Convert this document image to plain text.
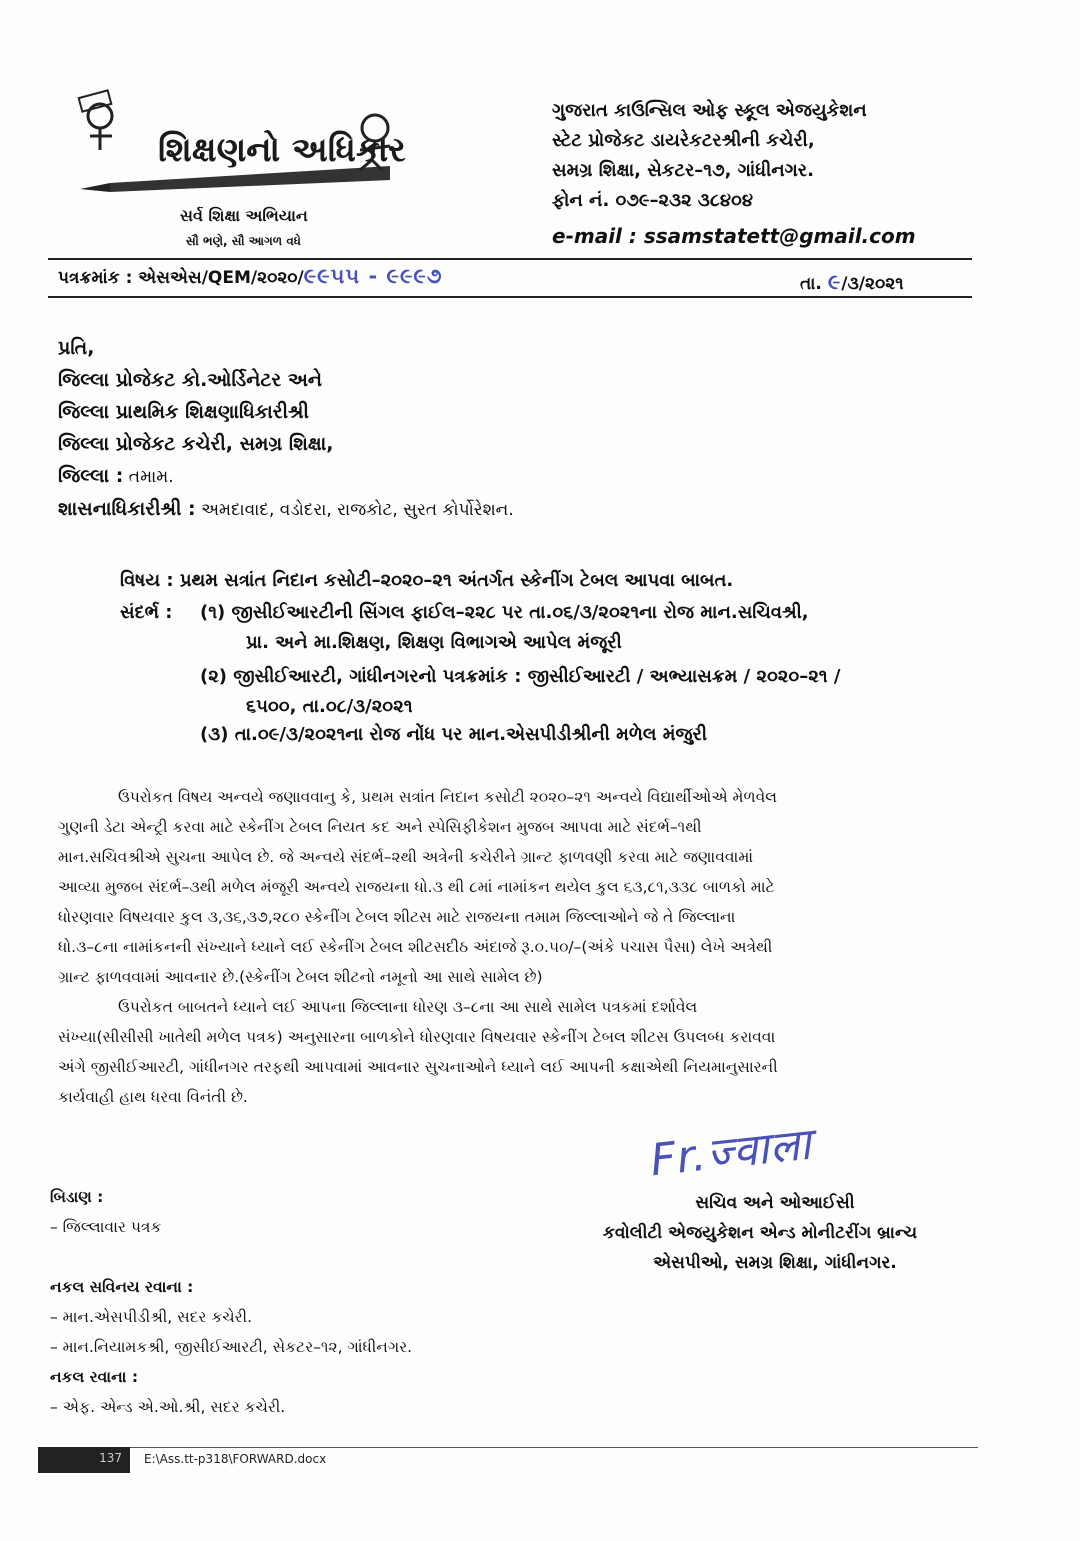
શિક્ષણનો અધિકાર
સર્વ શિક્ષા અભિયાન
સૌ ભણે, સૌ આગળ વધે
ગુજરાત કાઉન્સિલ ઓફ સ્કૂલ એજયુકેશન
સ્ટેટ પ્રોજેકટ ડાયરેકટરશ્રીની કચેરી,
સમગ્ર શિક્ષા, સેકટર–૧૭, ગાંધીનગર.
ફોન નં. ૦૭૯–૨૩૨ ૩૮૪૦૪
e-mail : ssamstatett@gmail.com
પત્રક્રમાંક : એસએસ/QEM/૨૦૨૦/૯૯૫૫ - ૯૯૯૭	તા. ૯/૩/૨૦૨૧
પ્રતિ,
જિલ્લા પ્રોજેકટ કો.ઓર્ડિનેટર અને
જિલ્લા પ્રાથમિક શિક્ષણાધિકારીશ્રી
જિલ્લા પ્રોજેકટ કચેરી, સમગ્ર શિક્ષા,
જિલ્લા : તમામ.
શાસનાધિકારીશ્રી : અમદાવાદ, વડોદરા, રાજકોટ, સુરત કોર્પોરેશન.
વિષય : પ્રથમ સત્રાંત નિદાન કસોટી–૨૦૨૦–૨૧ અંતર્ગત સ્કેનીંગ ટેબલ આપવા બાબત.
સંદર્ભ : (૧) જીસીઈઆરટીની સિંગલ ફાઈલ–૨૨૮ પર તા.૦૬/૩/૨૦૨૧ના રોજ માન.સચિવશ્રી,
પ્રા. અને મા.શિક્ષણ, શિક્ષણ વિભાગએ આપેલ મંજૂરી
(૨) જીસીઈઆરટી, ગાંધીનગરનો પત્રક્રમાંક : જીસીઈઆરટી / અભ્યાસક્રમ / ૨૦૨૦–૨૧ /
૬૫૦૦, તા.૦૮/૩/૨૦૨૧
(૩) તા.૦૯/૩/૨૦૨૧ના રોજ નોંધ પર માન.એસપીડીશ્રીની મળેલ મંજુરી
ઉપરોકત વિષય અન્વયે જણાવવાનુ કે, પ્રથમ સત્રાંત નિદાન કસોટી ૨૦૨૦–૨૧ અન્વયે વિદ્યાર્થીઓએ મેળવેલ
ગુણની ડેટા એન્ટ્રી કરવા માટે સ્કેનીંગ ટેબલ નિયત કદ અને સ્પેસિફીકેશન મુજબ આપવા માટે સંદર્ભ–૧થી
માન.સચિવશ્રીએ સુચના આપેલ છે. જે અન્વયે સંદર્ભ–૨થી અત્રેની કચેરીને ગ્રાન્ટ ફાળવણી કરવા માટે જણાવવામાં
આવ્યા મુજબ સંદર્ભ–૩થી મળેલ મંજૂરી અન્વયે રાજયના ધો.૩ થી ૮માં નામાંકન થયેલ કુલ ૬૩,૮૧,૩૩૮ બાળકો માટે
ધોરણવાર વિષયવાર કુલ ૩,૩૬,૩૭,૨૮૦ સ્કેનીંગ ટેબલ શીટસ માટે રાજયના તમામ જિલ્લાઓને જે તે જિલ્લાના
ધો.૩–૮ના નામાંકનની સંખ્યાને ધ્યાને લઈ સ્કેનીંગ ટેબલ શીટસદીઠ અંદાજે રૂ.૦.૫૦/–(અંકે પચાસ પૈસા) લેખે અત્રેથી
ગ્રાન્ટ ફાળવવામાં આવનાર છે.(સ્કેનીંગ ટેબલ શીટનો નમૂનો આ સાથે સામેલ છે)
ઉપરોકત બાબતને ધ્યાને લઈ આપના જિલ્લાના ધોરણ ૩–૮ના આ સાથે સામેલ પત્રકમાં દર્શાવેલ
સંખ્યા(સીસીસી ખાતેથી મળેલ પત્રક) અનુસારના બાળકોને ધોરણવાર વિષયવાર સ્કેનીંગ ટેબલ શીટસ ઉપલબ્ધ કરાવવા
અંગે જીસીઈઆરટી, ગાંધીનગર તરફથી આપવામાં આવનાર સુચનાઓને ધ્યાને લઈ આપની કક્ષાએથી નિયમાનુસારની
કાર્યવાહી હાથ ધરવા વિનંતી છે.
Fr.ज्वाला
સચિવ અને ઓઆઈસી
કવોલીટી એજયુકેશન એન્ડ મોનીટરીંગ બ્રાન્ચ
એસપીઓ, સમગ્ર શિક્ષા, ગાંધીનગર.
બિડાણ :
– જિલ્લાવાર પત્રક
નકલ સવિનય રવાના :
– માન.એસપીડીશ્રી, સદર કચેરી.
– માન.નિયામકશ્રી, જીસીઈઆરટી, સેકટર–૧૨, ગાંધીનગર.
નકલ રવાના :
– એફ. એન્ડ એ.ઓ.શ્રી, સદર કચેરી.
137 E:\Ass.tt-p318\FORWARD.docx
